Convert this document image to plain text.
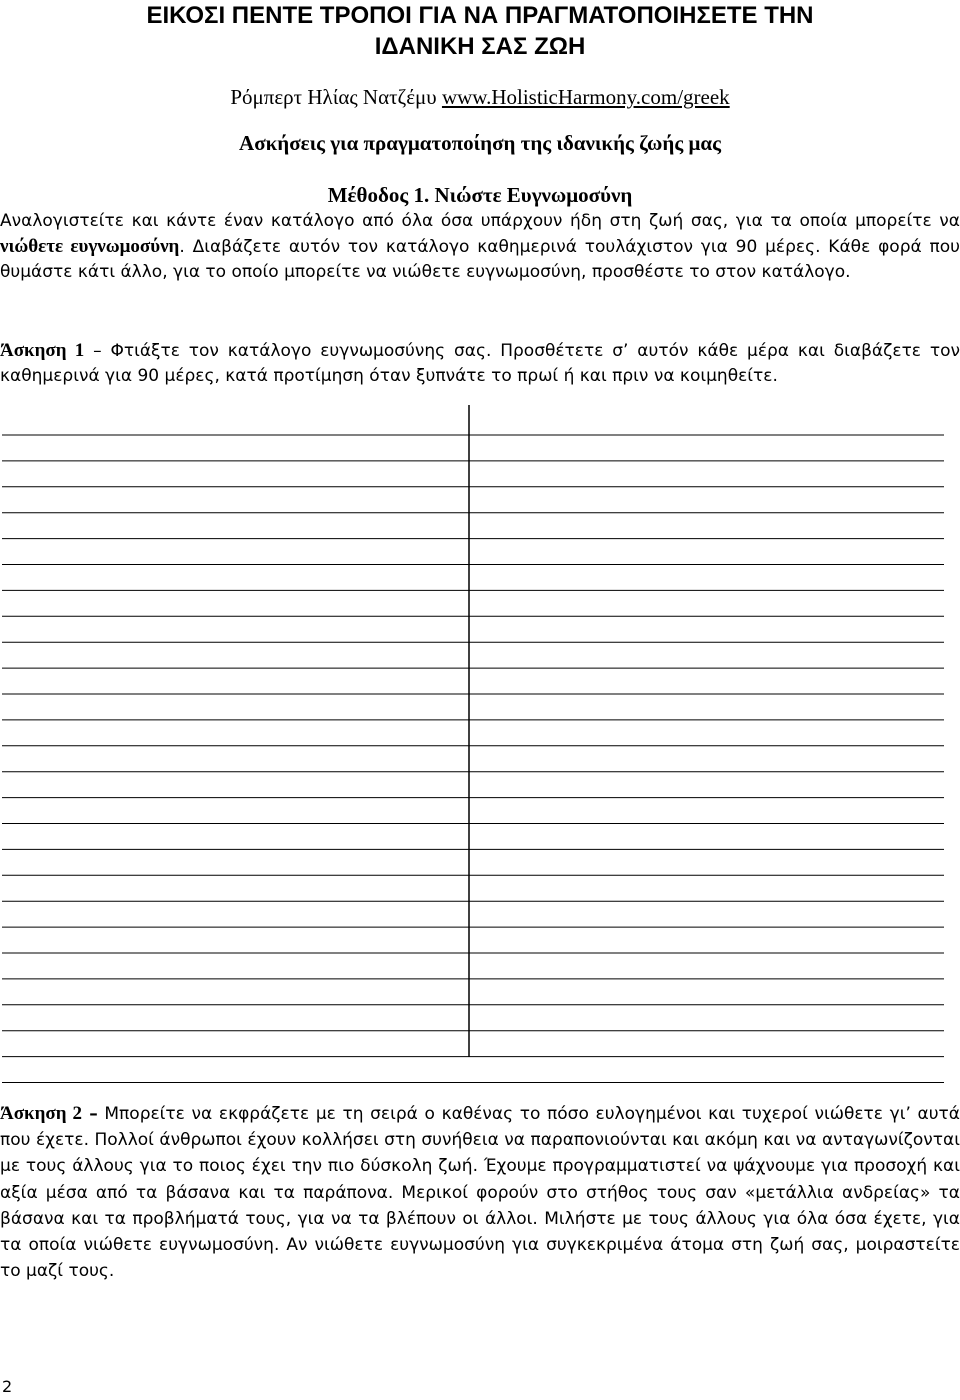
ΕΙΚΟΣΙ ΠΕΝΤΕ ΤΡΟΠΟΙ ΓΙΑ ΝΑ ΠΡΑΓΜΑΤΟΠΟΙΗΣΕΤΕ ΤΗΝ
ΙΔΑΝΙΚΗ ΣΑΣ ΖΩΗ

Ρόμπερτ Ηλίας Νατζέμυ www.HolisticHarmony.com/greek

Ασκήσεις για πραγματοποίηση της ιδανικής ζωής μας

Μέθοδος 1. Νιώστε Ευγνωμοσύνη

Αναλογιστείτε και κάντε έναν κατάλογο από όλα όσα υπάρχουν ήδη στη ζωή σας, για τα οποία μπορείτε να νιώθετε ευγνωμοσύνη. Διαβάζετε αυτόν τον κατάλογο καθημερινά τουλάχιστον για 90 μέρες. Κάθε φορά που θυμάστε κάτι άλλο, για το οποίο μπορείτε να νιώθετε ευγνωμοσύνη, προσθέστε το στον κατάλογο.

Άσκηση 1 – Φτιάξτε τον κατάλογο ευγνωμοσύνης σας. Προσθέτετε σ’ αυτόν κάθε μέρα και διαβάζετε τον καθημερινά για 90 μέρες, κατά προτίμηση όταν ξυπνάτε το πρωί ή και πριν να κοιμηθείτε.

Άσκηση 2 – Μπορείτε να εκφράζετε με τη σειρά ο καθένας το πόσο ευλογημένοι και τυχεροί νιώθετε γι’ αυτά που έχετε. Πολλοί άνθρωποι έχουν κολλήσει στη συνήθεια να παραπονιούνται και ακόμη και να ανταγωνίζονται με τους άλλους για το ποιος έχει την πιο δύσκολη ζωή. Έχουμε προγραμματιστεί να ψάχνουμε για προσοχή και αξία μέσα από τα βάσανα και τα παράπονα. Μερικοί φορούν στο στήθος τους σαν «μετάλλια ανδρείας» τα βάσανα και τα προβλήματά τους, για να τα βλέπουν οι άλλοι. Μιλήστε με τους άλλους για όλα όσα έχετε, για τα οποία νιώθετε ευγνωμοσύνη. Αν νιώθετε ευγνωμοσύνη για συγκεκριμένα άτομα στη ζωή σας, μοιραστείτε το μαζί τους.

2
